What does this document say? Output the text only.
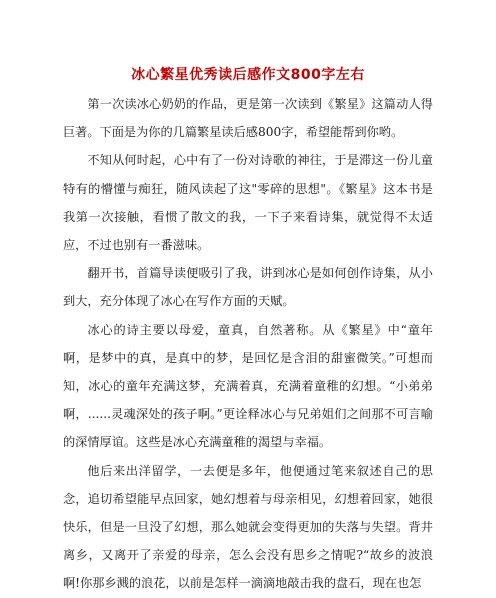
冰心繁星优秀读后感作文800字左右

第一次读冰心奶奶的作品，更是第一次读到《繁星》这篇动人得巨著。下面是为你的几篇繁星读后感800字，希望能帮到你哟。

不知从何时起，心中有了一份对诗歌的神往，于是滞这一份儿童特有的懵懂与痴狂，随风读起了这"零碎的思想"。《繁星》这本书是我第一次接触，看惯了散文的我，一下子来看诗集，就觉得不太适应，不过也别有一番滋味。

翻开书，首篇导读便吸引了我，讲到冰心是如何创作诗集，从小到大，充分体现了冰心在写作方面的天赋。

冰心的诗主要以母爱，童真，自然著称。从《繁星》中“童年啊，是梦中的真，是真中的梦，是回忆是含泪的甜蜜微笑。”可想而知，冰心的童年充满这梦，充满着真，充满着童稚的幻想。“小弟弟啊，......灵魂深处的孩子啊。”更诠释冰心与兄弟姐们之间那不可言喻的深情厚谊。这些是冰心充满童稚的渴望与幸福。

他后来出洋留学，一去便是多年，他便通过笔来叙述自己的思念，追切希望能早点回家，她幻想着与母亲相见，幻想着回家，她很快乐，但是一旦没了幻想，那么她就会变得更加的失落与失望。背井离乡，又离开了亲爱的母亲，怎么会没有思乡之情呢?“故乡的波浪啊!你那乡溅的浪花，以前是怎样一滴滴地敲击我的盘石，现在也怎
